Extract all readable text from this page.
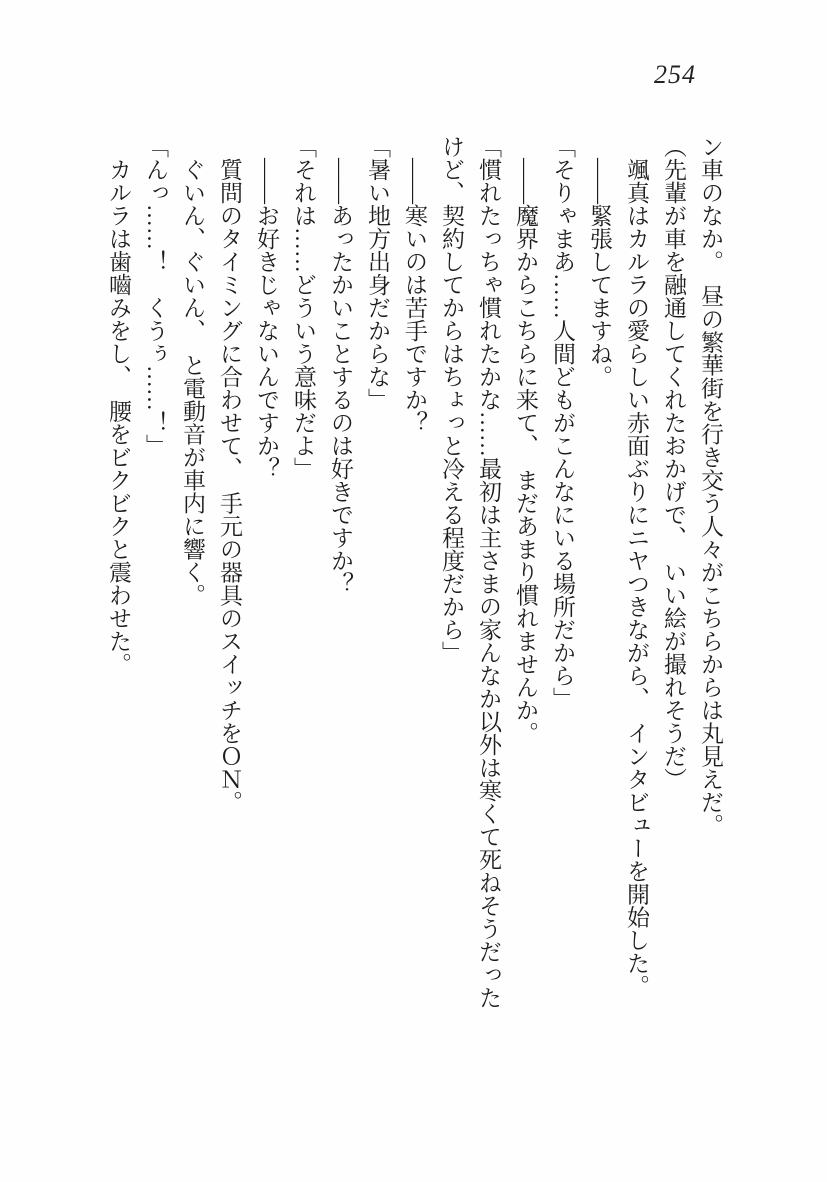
254

ン車のなか。　昼の繁華街を行き交う人々がこちらからは丸見えだ。

（先輩が車を融通してくれたおかげで、　いい絵が撮れそうだ）

颯真はカルラの愛らしい赤面ぶりにニヤつきながら、　インタビューを開始した。

――緊張してますね。

「そりゃまあ……人間どもがこんなにいる場所だから」

――魔界からこちらに来て、　まだあまり慣れませんか。

「慣れたっちゃ慣れたかな……最初は主さまの家んなか以外は寒くて死ねそうだった

けど、契約してからはちょっと冷える程度だから」

――寒いのは苦手ですか？

「暑い地方出身だからな」

――あったかいことするのは好きですか？

「それは……どういう意味だよ」

――お好きじゃないんですか？

質問のタイミングに合わせて、　手元の器具のスイッチをＯＮ。

ぐいん、ぐいん、　と電動音が車内に響く。

「んっ……！　くうぅ……！」

カルラは歯嚙みをし、　腰をビクビクと震わせた。
